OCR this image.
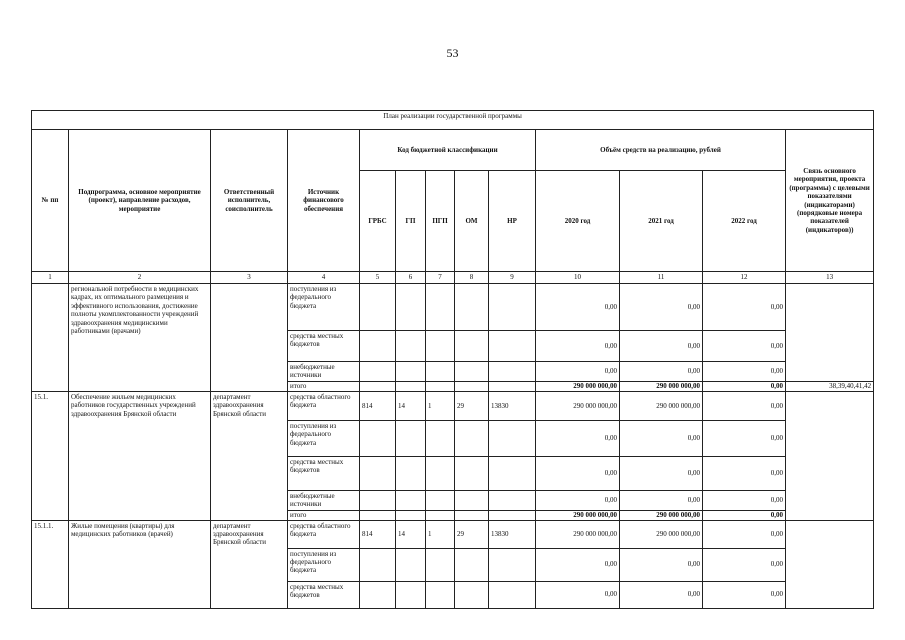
53
План реализации государственной программы												
№ пп	Подпрограмма, основное мероприятие (проект), направление расходов, мероприятие	Ответственный исполнитель, соисполнитель	Источник финансового обеспечения	Код бюджетной классификации					Объём средств на реализацию, рублей			Связь основного мероприятия, проекта (программы) с целевыми показателями (индикаторами) (порядковые номера показателей (индикаторов))
				ГРБС	ГП	ПГП	ОМ	НР	2020 год	2021 год	2022 год	
1	2	3	4	5	6	7	8	9	10	11	12	13
	региональной потребности в медицинских кадрах, их оптимального размещения и эффективного использования, достижение полноты укомплектованности учреждений здравоохранения медицинскими работниками (врачами)		поступления из федерального бюджета						0,00	0,00	0,00	
			средства местных бюджетов						0,00	0,00	0,00	
			внебюджетные источники						0,00	0,00	0,00	
			итого						290 000 000,00	290 000 000,00	0,00	38,39,40,41,42
15.1.	Обеспечение жильем медицинских работников государственных учреждений здравоохранения Брянской области	департамент здравоохранения Брянской области	средства областного бюджета	814	14	1	29	13830	290 000 000,00	290 000 000,00	0,00	
			поступления из федерального бюджета						0,00	0,00	0,00	
			средства местных бюджетов						0,00	0,00	0,00	
			внебюджетные источники						0,00	0,00	0,00	
			итого						290 000 000,00	290 000 000,00	0,00	
15.1.1.	Жилые помещения (квартиры) для медицинских работников (врачей)	департамент здравоохранения Брянской области	средства областного бюджета	814	14	1	29	13830	290 000 000,00	290 000 000,00	0,00	
			поступления из федерального бюджета						0,00	0,00	0,00	
			средства местных бюджетов						0,00	0,00	0,00	
